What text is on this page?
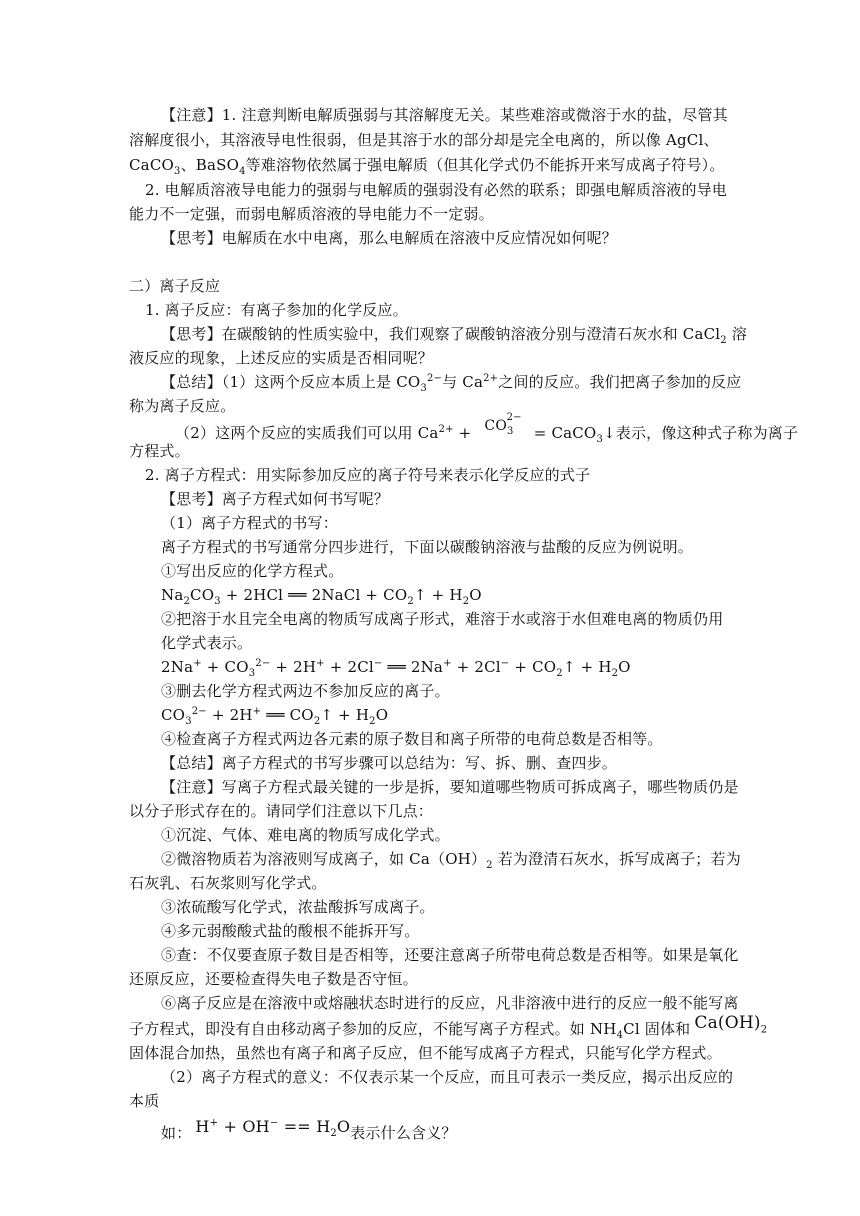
【注意】1. 注意判断电解质强弱与其溶解度无关。某些难溶或微溶于水的盐，尽管其
溶解度很小，其溶液导电性很弱，但是其溶于水的部分却是完全电离的，所以像 AgCl、
CaCO$_3$、BaSO$_4$等难溶物依然属于强电解质（但其化学式仍不能拆开来写成离子符号）。
2. 电解质溶液导电能力的强弱与电解质的强弱没有必然的联系；即强电解质溶液的导电
能力不一定强，而弱电解质溶液的导电能力不一定弱。
【思考】电解质在水中电离，那么电解质在溶液中反应情况如何呢？
二）离子反应
1. 离子反应：有离子参加的化学反应。
【思考】在碳酸钠的性质实验中，我们观察了碳酸钠溶液分别与澄清石灰水和 CaCl$_2$ 溶
液反应的现象，上述反应的实质是否相同呢？
【总结】（1）这两个反应本质上是 $CO_3^{2-}$与 $Ca^{2+}$之间的反应。我们把离子参加的反应
称为离子反应。
（2）这两个反应的实质我们可以用 $Ca^{2+} + CO_3^{2-}$ = CaCO$_3$↓表示，像这种式子称为离子
方程式。
2. 离子方程式：用实际参加反应的离子符号来表示化学反应的式子
【思考】离子方程式如何书写呢？
（1）离子方程式的书写：
离子方程式的书写通常分四步进行，下面以碳酸钠溶液与盐酸的反应为例说明。
①写出反应的化学方程式。
$Na_2CO_3 + 2HCl$ ══ 2NaCl + $CO_2↑ + H_2O$
②把溶于水且完全电离的物质写成离子形式，难溶于水或溶于水但难电离的物质仍用
化学式表示。
$2Na^+ + CO_3^{2-} + 2H^+ + 2Cl^-$ ══ $2Na^+ + 2Cl^- + CO_2↑ + H_2O$
③删去化学方程式两边不参加反应的离子。
$CO_3^{2-} + 2H^+$ ══ $CO_2↑ + H_2O$
④检查离子方程式两边各元素的原子数目和离子所带的电荷总数是否相等。
【总结】离子方程式的书写步骤可以总结为：写、拆、删、查四步。
【注意】写离子方程式最关键的一步是拆，要知道哪些物质可拆成离子，哪些物质仍是
以分子形式存在的。请同学们注意以下几点：
①沉淀、气体、难电离的物质写成化学式。
②微溶物质若为溶液则写成离子，如 $Ca(OH)_2$ 若为澄清石灰水，拆写成离子；若为
石灰乳、石灰浆则写化学式。
③浓硫酸写化学式，浓盐酸拆写成离子。
④多元弱酸酸式盐的酸根不能拆开写。
⑤查：不仅要查原子数目是否相等，还要注意离子所带电荷总数是否相等。如果是氧化
还原反应，还要检查得失电子数是否守恒。
⑥离子反应是在溶液中或熔融状态时进行的反应，凡非溶液中进行的反应一般不能写离
子方程式，即没有自由移动离子参加的反应，不能写离子方程式。如 $NH_4Cl$ 固体和 $Ca(OH)_2$
固体混合加热，虽然也有离子和离子反应，但不能写成离子方程式，只能写化学方程式。
（2）离子方程式的意义：不仅表示某一个反应，而且可表示一类反应，揭示出反应的
本质
如： $H^+ + OH^- == H_2O$表示什么含义？
